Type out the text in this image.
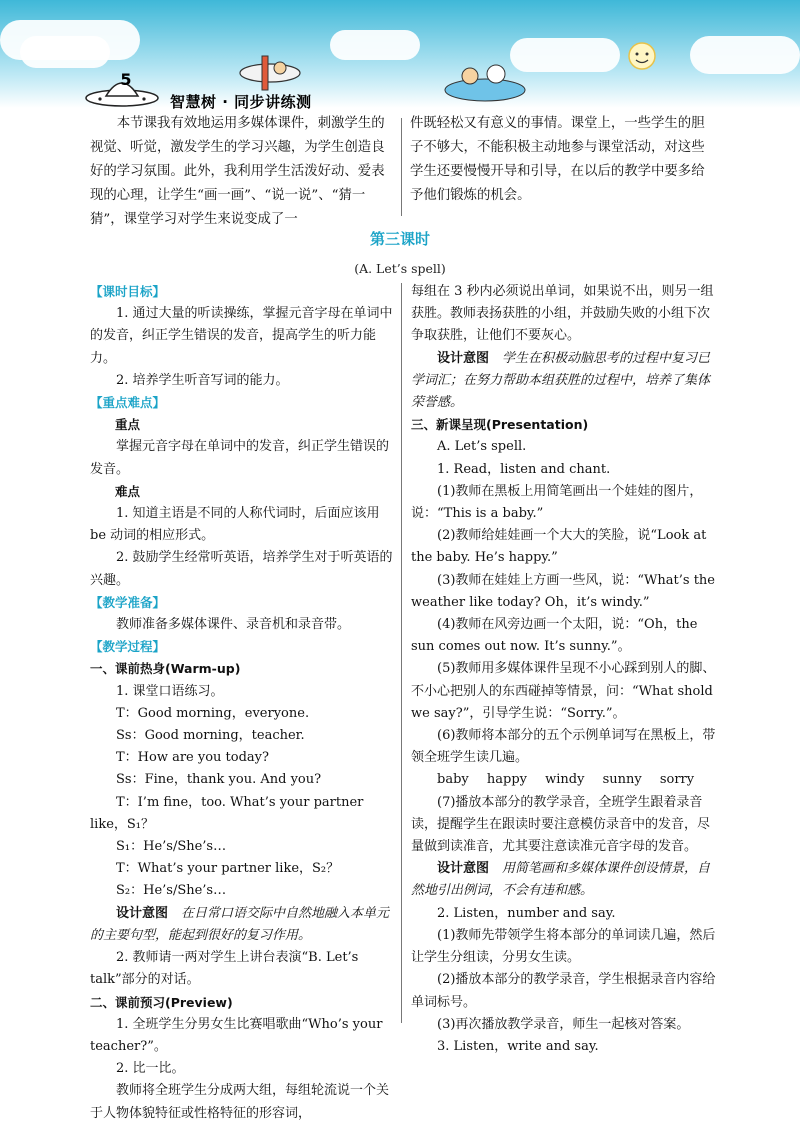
5
智慧树 · 同步讲练测

本节课我有效地运用多媒体课件，刺激学生的视觉、听觉，激发学生的学习兴趣，为学生创造良好的学习氛围。此外，我利用学生活泼好动、爱表现的心理，让学生“画一画”、“说一说”、“猜一猜”，课堂学习对学生来说变成了一

件既轻松又有意义的事情。课堂上，一些学生的胆子不够大，不能积极主动地参与课堂活动，对这些学生还要慢慢开导和引导，在以后的教学中要多给予他们锻炼的机会。

第三课时
(A. Let’s spell)

【课时目标】

1. 通过大量的听读操练，掌握元音字母在单词中的发音，纠正学生错误的发音，提高学生的听力能力。

2. 培养学生听音写词的能力。

【重点难点】

重点

掌握元音字母在单词中的发音，纠正学生错误的发音。

难点

1. 知道主语是不同的人称代词时，后面应该用 be 动词的相应形式。

2. 鼓励学生经常听英语，培养学生对于听英语的兴趣。

【教学准备】

教师准备多媒体课件、录音机和录音带。

【教学过程】

一、课前热身(Warm-up)

1. 课堂口语练习。

T：Good morning，everyone.

Ss：Good morning，teacher.

T：How are you today?

Ss：Fine，thank you. And you?

T：I’m fine，too. What’s your partner like，S₁？

S₁：He’s/She’s…

T：What’s your partner like，S₂？

S₂：He’s/She’s…

设计意图　 在日常口语交际中自然地融入本单元的主要句型，能起到很好的复习作用。

2. 教师请一两对学生上讲台表演“B. Let’s talk”部分的对话。

二、课前预习(Preview)

1. 全班学生分男女生比赛唱歌曲“Who’s your teacher?”。

2. 比一比。

教师将全班学生分成两大组，每组轮流说一个关于人物体貌特征或性格特征的形容词，

每组在 3 秒内必须说出单词，如果说不出，则另一组获胜。教师表扬获胜的小组，并鼓励失败的小组下次争取获胜，让他们不要灰心。

设计意图　 学生在积极动脑思考的过程中复习已学词汇；在努力帮助本组获胜的过程中，培养了集体荣誉感。

三、新课呈现(Presentation)

A. Let’s spell.

1. Read，listen and chant.

(1)教师在黑板上用简笔画出一个娃娃的图片，说：“This is a baby.”

(2)教师给娃娃画一个大大的笑脸，说“Look at the baby. He’s happy.”

(3)教师在娃娃上方画一些风，说：“What’s the weather like today? Oh，it’s windy.”

(4)教师在风旁边画一个太阳，说：“Oh，the sun comes out now. It’s sunny.”。

(5)教师用多媒体课件呈现不小心踩到别人的脚、不小心把别人的东西碰掉等情景，问：“What shold we say?”，引导学生说：“Sorry.”。

(6)教师将本部分的五个示例单词写在黑板上，带领全班学生读几遍。

baby happy windy sunny sorry

(7)播放本部分的教学录音，全班学生跟着录音读，提醒学生在跟读时要注意模仿录音中的发音，尽量做到读准音，尤其要注意读准元音字母的发音。

设计意图　 用简笔画和多媒体课件创设情景，自然地引出例词，不会有违和感。

2. Listen，number and say.

(1)教师先带领学生将本部分的单词读几遍，然后让学生分组读，分男女生读。

(2)播放本部分的教学录音，学生根据录音内容给单词标号。

(3)再次播放教学录音，师生一起核对答案。

3. Listen，write and say.
